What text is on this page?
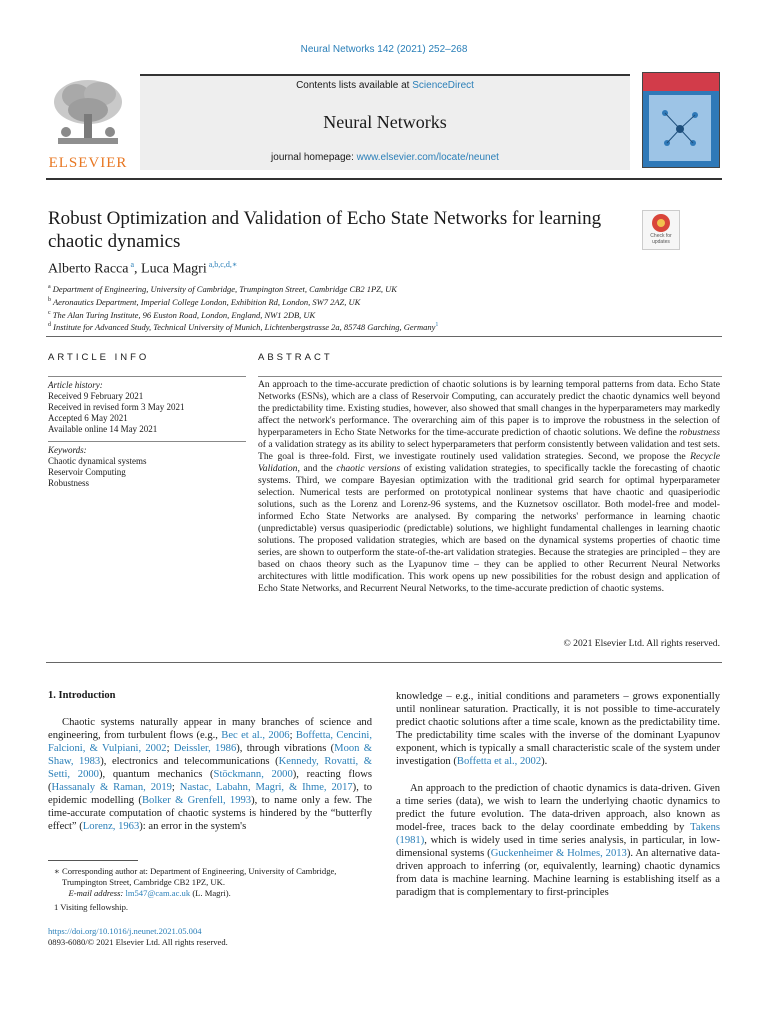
Neural Networks 142 (2021) 252–268
ELSEVIER
Contents lists available at ScienceDirect
Neural Networks
journal homepage: www.elsevier.com/locate/neunet
Robust Optimization and Validation of Echo State Networks for learning chaotic dynamics	Check for updates
Alberto Racca $^a$, Luca Magri $^{a,b,c,d,∗}$
$^a$ Department of Engineering, University of Cambridge, Trumpington Street, Cambridge CB2 1PZ, UK
$^b$ Aeronautics Department, Imperial College London, Exhibition Rd, London, SW7 2AZ, UK
$^c$ The Alan Turing Institute, 96 Euston Road, London, England, NW1 2DB, UK
$^d$ Institute for Advanced Study, Technical University of Munich, Lichtenbergstrasse 2a, 85748 Garching, Germany$^1$
ARTICLE INFO	ABSTRACT
Article history:
Received 9 February 2021
Received in revised form 3 May 2021
Accepted 6 May 2021
Available online 14 May 2021
Keywords:
Chaotic dynamical systems
Reservoir Computing
Robustness

An approach to the time-accurate prediction of chaotic solutions is by learning temporal patterns from data. Echo State Networks (ESNs), which are a class of Reservoir Computing, can accurately predict the chaotic dynamics well beyond the predictability time. Existing studies, however, also showed that small changes in the hyperparameters may markedly affect the network's performance. The overarching aim of this paper is to improve the robustness in the selection of hyperparameters in Echo State Networks for the time-accurate prediction of chaotic solutions. We define the robustness of a validation strategy as its ability to select hyperparameters that perform consistently between validation and test sets. The goal is three-fold. First, we investigate routinely used validation strategies. Second, we propose the Recycle Validation, and the chaotic versions of existing validation strategies, to specifically tackle the forecasting of chaotic systems. Third, we compare Bayesian optimization with the traditional grid search for optimal hyperparameter selection. Numerical tests are performed on prototypical nonlinear systems that have chaotic and quasiperiodic solutions, such as the Lorenz and Lorenz-96 systems, and the Kuznetsov oscillator. Both model-free and model-informed Echo State Networks are analysed. By comparing the networks' performance in learning chaotic (unpredictable) versus quasiperiodic (predictable) solutions, we highlight fundamental challenges in learning chaotic solutions. The proposed validation strategies, which are based on the dynamical systems properties of chaotic time series, are shown to outperform the state-of-the-art validation strategies. Because the strategies are principled – they are based on chaos theory such as the Lyapunov time – they can be applied to other Recurrent Neural Networks architectures with little modification. This work opens up new possibilities for the robust design and application of Echo State Networks, and Recurrent Neural Networks, to the time-accurate prediction of chaotic systems.

© 2021 Elsevier Ltd. All rights reserved.
1. Introduction

Chaotic systems naturally appear in many branches of science and engineering, from turbulent flows (e.g., Bec et al., 2006; Boffetta, Cencini, Falcioni, & Vulpiani, 2002; Deissler, 1986), through vibrations (Moon & Shaw, 1983), electronics and telecommunications (Kennedy, Rovatti, & Setti, 2000), quantum mechanics (Stöckmann, 2000), reacting flows (Hassanaly & Raman, 2019; Nastac, Labahn, Magri, & Ihme, 2017), to epidemic modelling (Bolker & Grenfell, 1993), to name only a few. The time-accurate computation of chaotic systems is hindered by the “butterfly effect” (Lorenz, 1963): an error in the system's

knowledge – e.g., initial conditions and parameters – grows exponentially until nonlinear saturation. Practically, it is not possible to time-accurately predict chaotic solutions after a time scale, known as the predictability time. The predictability time scales with the inverse of the dominant Lyapunov exponent, which is typically a small characteristic scale of the system under investigation (Boffetta et al., 2002).

An approach to the prediction of chaotic dynamics is data-driven. Given a time series (data), we wish to learn the underlying chaotic dynamics to predict the future evolution. The data-driven approach, also known as model-free, traces back to the delay coordinate embedding by Takens (1981), which is widely used in time series analysis, in particular, in low-dimensional systems (Guckenheimer & Holmes, 2013). An alternative data-driven approach to inferring (or, equivalently, learning) chaotic dynamics from data is machine learning. Machine learning is establishing itself as a paradigm that is complementary to first-principles

∗ Corresponding author at: Department of Engineering, University of Cambridge, Trumpington Street, Cambridge CB2 1PZ, UK.
E-mail address: lm547@cam.ac.uk (L. Magri).
1 Visiting fellowship.
https://doi.org/10.1016/j.neunet.2021.05.004
0893-6080/© 2021 Elsevier Ltd. All rights reserved.
